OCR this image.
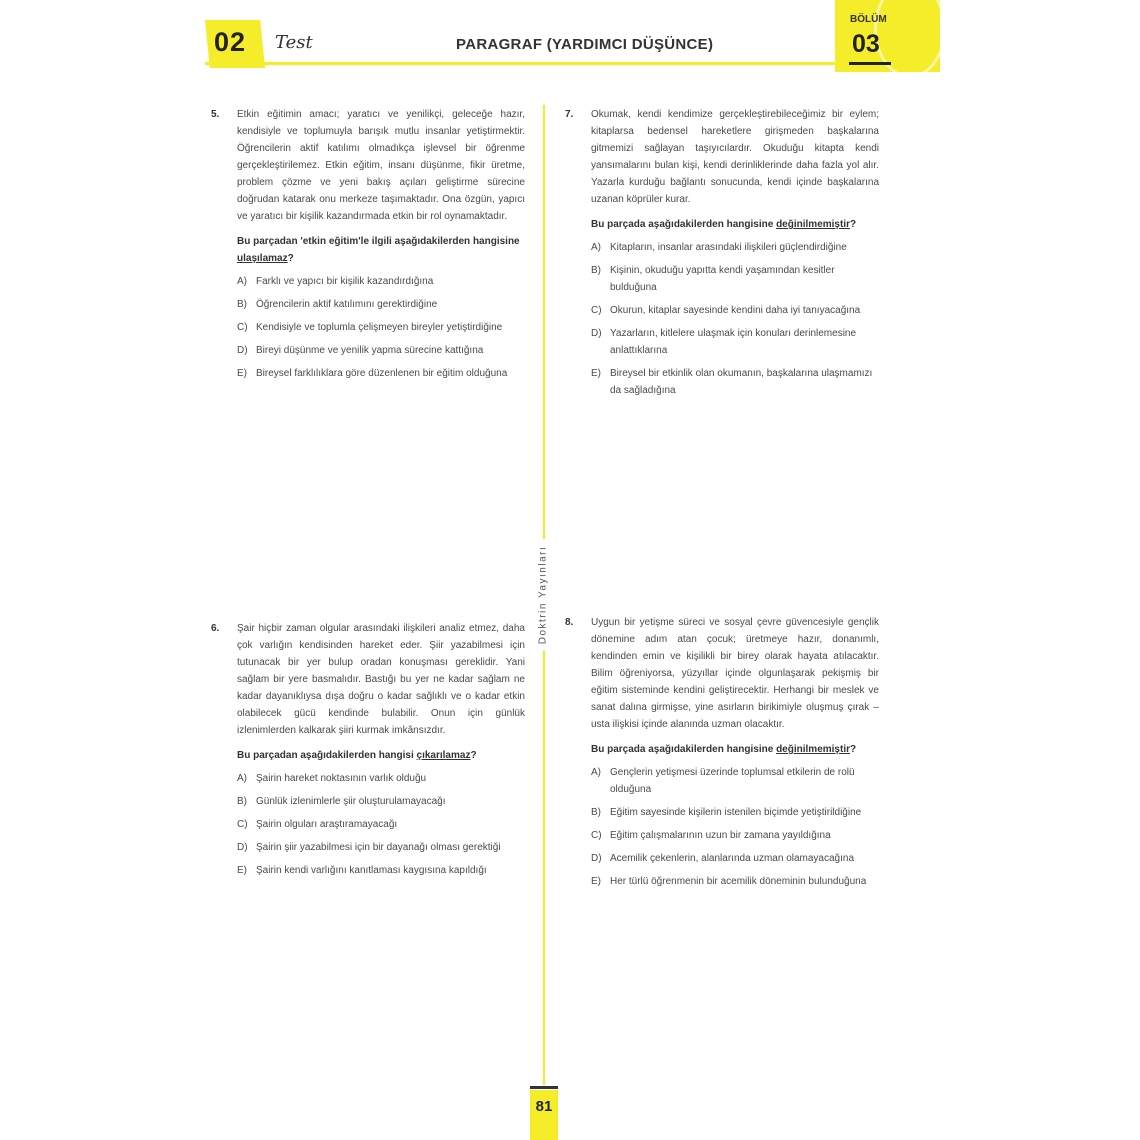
02 Test	PARAGRAF (YARDIMCI DÜŞÜNCE)
BÖLÜM
03
Doktrin Yayınları
5. Etkin eğitimin amacı; yaratıcı ve yenilikçi, geleceğe hazır, kendisiyle ve toplumuyla barışık mutlu insanlar yetiştirmektir. Öğrencilerin aktif katılımı olmadıkça işlevsel bir öğrenme gerçekleştirilemez. Etkin eğitim, insanı düşünme, fikir üretme, problem çözme ve yeni bakış açıları geliştirme sürecine doğrudan katarak onu merkeze taşımaktadır. Ona özgün, yapıcı ve yaratıcı bir kişilik kazandırmada etkin bir rol oynamaktadır.
Bu parçadan 'etkin eğitim'le ilgili aşağıdakilerden hangisine ulaşılamaz?
A) Farklı ve yapıcı bir kişilik kazandırdığına
B) Öğrencilerin aktif katılımını gerektirdiğine
C) Kendisiyle ve toplumla çelişmeyen bireyler yetiştirdiğine
D) Bireyi düşünme ve yenilik yapma sürecine kattığına
E) Bireysel farklılıklara göre düzenlenen bir eğitim olduğuna
6. Şair hiçbir zaman olgular arasındaki ilişkileri analiz etmez, daha çok varlığın kendisinden hareket eder. Şiir yazabilmesi için tutunacak bir yer bulup oradan konuşması gereklidir. Yani sağlam bir yere basmalıdır. Bastığı bu yer ne kadar sağlam ne kadar dayanıklıysa dışa doğru o kadar sağlıklı ve o kadar etkin olabilecek gücü kendinde bulabilir. Onun için günlük izlenimlerden kalkarak şiiri kurmak imkânsızdır.
Bu parçadan aşağıdakilerden hangisi çıkarılamaz?
A) Şairin hareket noktasının varlık olduğu
B) Günlük izlenimlerle şiir oluşturulamayacağı
C) Şairin olguları araştıramayacağı
D) Şairin şiir yazabilmesi için bir dayanağı olması gerektiği
E) Şairin kendi varlığını kanıtlaması kaygısına kapıldığı
7. Okumak, kendi kendimize gerçekleştirebileceğimiz bir eylem; kitaplarsa bedensel hareketlere girişmeden başkalarına gitmemizi sağlayan taşıyıcılardır. Okuduğu kitapta kendi yansımalarını bulan kişi, kendi derinliklerinde daha fazla yol alır. Yazarla kurduğu bağlantı sonucunda, kendi içinde başkalarına uzanan köprüler kurar.
Bu parçada aşağıdakilerden hangisine değinilmemiştir?
A) Kitapların, insanlar arasındaki ilişkileri güçlendirdiğine
B) Kişinin, okuduğu yapıtta kendi yaşamından kesitler bulduğuna
C) Okurun, kitaplar sayesinde kendini daha iyi tanıyacağına
D) Yazarların, kitlelere ulaşmak için konuları derinlemesine anlattıklarına
E) Bireysel bir etkinlik olan okumanın, başkalarına ulaşmamızı da sağladığına
8. Uygun bir yetişme süreci ve sosyal çevre güvencesiyle gençlik dönemine adım atan çocuk; üretmeye hazır, donanımlı, kendinden emin ve kişilikli bir birey olarak hayata atılacaktır. Bilim öğreniyorsa, yüzyıllar içinde olgunlaşarak pekişmiş bir eğitim sisteminde kendini geliştirecektir. Herhangi bir meslek ve sanat dalına girmişse, yine asırların birikimiyle oluşmuş çırak – usta ilişkisi içinde alanında uzman olacaktır.
Bu parçada aşağıdakilerden hangisine değinilmemiştir?
A) Gençlerin yetişmesi üzerinde toplumsal etkilerin de rolü olduğuna
B) Eğitim sayesinde kişilerin istenilen biçimde yetiştirildiğine
C) Eğitim çalışmalarının uzun bir zamana yayıldığına
D) Acemilik çekenlerin, alanlarında uzman olamayacağına
E) Her türlü öğrenmenin bir acemilik döneminin bulunduğuna
81
